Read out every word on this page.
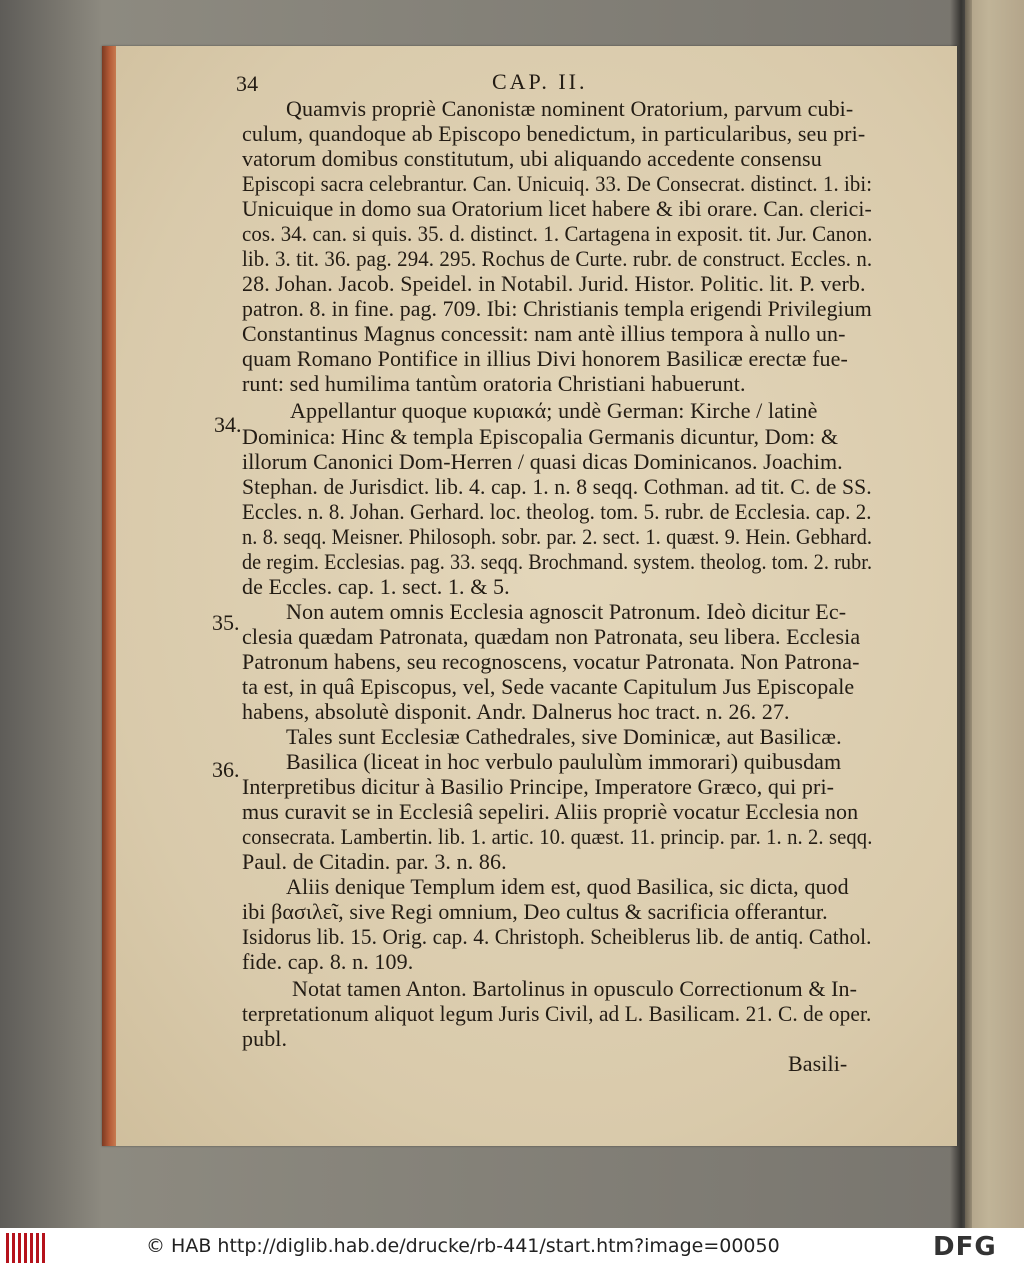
34	CAP. II.
34.
35.
36.
Quamvis propriè Canonistæ nominent Oratorium, parvum cubi-
culum, quandoque ab Episcopo benedictum, in particularibus, seu pri-
vatorum domibus constitutum, ubi aliquando accedente consensu
Episcopi sacra celebrantur. Can. Unicuiq. 33. De Consecrat. distinct. 1. ibi:
Unicuique in domo sua Oratorium licet habere & ibi orare. Can. clerici-
cos. 34. can. si quis. 35. d. distinct. 1. Cartagena in exposit. tit. Jur. Canon.
lib. 3. tit. 36. pag. 294. 295. Rochus de Curte. rubr. de construct. Eccles. n.
28. Johan. Jacob. Speidel. in Notabil. Jurid. Histor. Politic. lit. P. verb.
patron. 8. in fine. pag. 709. Ibi: Christianis templa erigendi Privilegium
Constantinus Magnus concessit: nam antè illius tempora à nullo un-
quam Romano Pontifice in illius Divi honorem Basilicæ erectæ fue-
runt: sed humilima tantùm oratoria Christiani habuerunt.
Appellantur quoque κυριακά; undè German: Kirche / latinè
Dominica: Hinc & templa Episcopalia Germanis dicuntur, Dom: &
illorum Canonici Dom-Herren / quasi dicas Dominicanos. Joachim.
Stephan. de Jurisdict. lib. 4. cap. 1. n. 8 seqq. Cothman. ad tit. C. de SS.
Eccles. n. 8. Johan. Gerhard. loc. theolog. tom. 5. rubr. de Ecclesia. cap. 2.
n. 8. seqq. Meisner. Philosoph. sobr. par. 2. sect. 1. quæst. 9. Hein. Gebhard.
de regim. Ecclesias. pag. 33. seqq. Brochmand. system. theolog. tom. 2. rubr.
de Eccles. cap. 1. sect. 1. & 5.
Non autem omnis Ecclesia agnoscit Patronum. Ideò dicitur Ec-
clesia quædam Patronata, quædam non Patronata, seu libera. Ecclesia
Patronum habens, seu recognoscens, vocatur Patronata. Non Patrona-
ta est, in quâ Episcopus, vel, Sede vacante Capitulum Jus Episcopale
habens, absolutè disponit. Andr. Dalnerus hoc tract. n. 26. 27.
Tales sunt Ecclesiæ Cathedrales, sive Dominicæ, aut Basilicæ.
Basilica (liceat in hoc verbulo paululùm immorari) quibusdam
Interpretibus dicitur à Basilio Principe, Imperatore Græco, qui pri-
mus curavit se in Ecclesiâ sepeliri. Aliis propriè vocatur Ecclesia non
consecrata. Lambertin. lib. 1. artic. 10. quæst. 11. princip. par. 1. n. 2. seqq.
Paul. de Citadin. par. 3. n. 86.
Aliis denique Templum idem est, quod Basilica, sic dicta, quod
ibi βασιλεῖ, sive Regi omnium, Deo cultus & sacrificia offerantur.
Isidorus lib. 15. Orig. cap. 4. Christoph. Scheiblerus lib. de antiq. Cathol.
fide. cap. 8. n. 109.
Notat tamen Anton. Bartolinus in opusculo Correctionum & In-
terpretationum aliquot legum Juris Civil, ad L. Basilicam. 21. C. de oper.
publ.
Basili-
© HAB http://diglib.hab.de/drucke/rb-441/start.htm?image=00050	DFG
